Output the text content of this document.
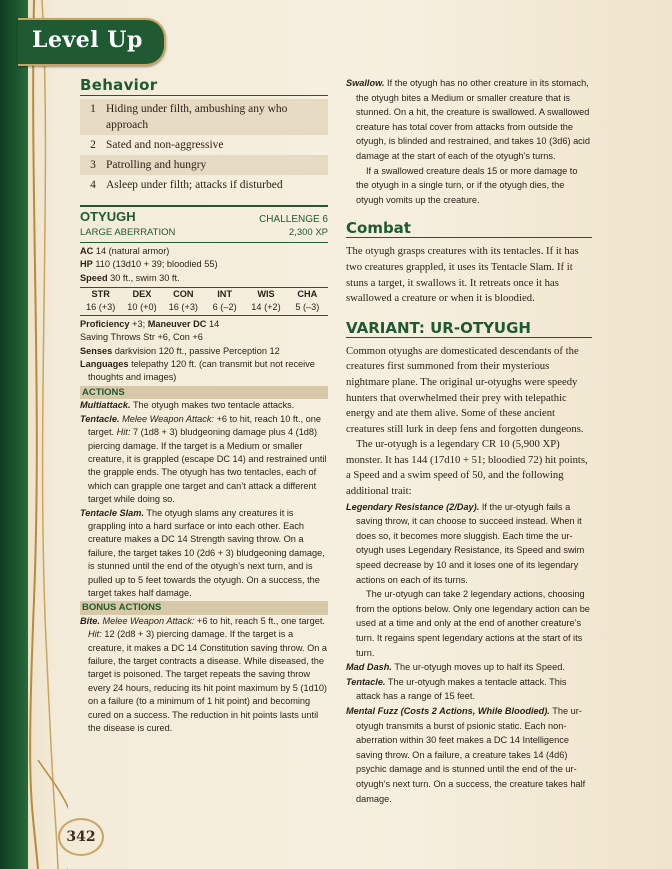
Level Up
Behavior
1	Hiding under filth, ambushing any who approach
2	Sated and non-aggressive
3	Patrolling and hungry
4	Asleep under filth; attacks if disturbed
OTYUGH	CHALLENGE 6
LARGE ABERRATION	2,300 XP
AC 14 (natural armor)
HP 110 (13d10 + 39; bloodied 55)
Speed 30 ft., swim 30 ft.
STR	DEX	CON	INT	WIS	CHA
16 (+3)	10 (+0)	16 (+3)	6 (–2)	14 (+2)	5 (–3)
Proficiency +3; Maneuver DC 14
Saving Throws Str +6, Con +6
Senses darkvision 120 ft., passive Perception 12
Languages telepathy 120 ft. (can transmit but not receive thoughts and images)
ACTIONS
Multiattack. The otyugh makes two tentacle attacks.
Tentacle. Melee Weapon Attack: +6 to hit, reach 10 ft., one target. Hit: 7 (1d8 + 3) bludgeoning damage plus 4 (1d8) piercing damage. If the target is a Medium or smaller creature, it is grappled (escape DC 14) and restrained until the grapple ends. The otyugh has two tentacles, each of which can grapple one target and can’t attack a different target while doing so.
Tentacle Slam. The otyugh slams any creatures it is grappling into a hard surface or into each other. Each creature makes a DC 14 Strength saving throw. On a failure, the target takes 10 (2d6 + 3) bludgeoning damage, is stunned until the end of the otyugh’s next turn, and is pulled up to 5 feet towards the otyugh. On a success, the target takes half damage.
BONUS ACTIONS
Bite. Melee Weapon Attack: +6 to hit, reach 5 ft., one target. Hit: 12 (2d8 + 3) piercing damage. If the target is a creature, it makes a DC 14 Constitution saving throw. On a failure, the target contracts a disease. While diseased, the target is poisoned. The target repeats the saving throw every 24 hours, reducing its hit point maximum by 5 (1d10) on a failure (to a minimum of 1 hit point) and becoming cured on a success. The reduction in hit points lasts until the disease is cured.
Swallow. If the otyugh has no other creature in its stomach, the otyugh bites a Medium or smaller creature that is stunned. On a hit, the creature is swallowed. A swallowed creature has total cover from attacks from outside the otyugh, is blinded and restrained, and takes 10 (3d6) acid damage at the start of each of the otyugh’s turns.
If a swallowed creature deals 15 or more damage to the otyugh in a single turn, or if the otyugh dies, the otyugh vomits up the creature.
Combat

The otyugh grasps creatures with its tentacles. If it has two creatures grappled, it uses its Tentacle Slam. If it stuns a target, it swallows it. It retreats once it has swallowed a creature or when it is bloodied.

VARIANT: UR-OTYUGH

Common otyughs are domesticated descendants of the creatures first summoned from their mysterious nightmare plane. The original ur-otyughs were speedy hunters that overwhelmed their prey with telepathic energy and ate them alive. Some of these ancient creatures still lurk in deep fens and forgotten dungeons.

The ur-otyugh is a legendary CR 10 (5,900 XP) monster. It has 144 (17d10 + 51; bloodied 72) hit points, a Speed and a swim speed of 50, and the following additional trait:

Legendary Resistance (2/Day). If the ur-otyugh fails a saving throw, it can choose to succeed instead. When it does so, it becomes more sluggish. Each time the ur-otyugh uses Legendary Resistance, its Speed and swim speed decrease by 10 and it loses one of its legendary actions on each of its turns.
The ur-otyugh can take 2 legendary actions, choosing from the options below. Only one legendary action can be used at a time and only at the end of another creature’s turn. It regains spent legendary actions at the start of its turn.
Mad Dash. The ur-otyugh moves up to half its Speed.
Tentacle. The ur-otyugh makes a tentacle attack. This attack has a range of 15 feet.
Mental Fuzz (Costs 2 Actions, While Bloodied). The ur-otyugh transmits a burst of psionic static. Each non-aberration within 30 feet makes a DC 14 Intelligence saving throw. On a failure, a creature takes 14 (4d6) psychic damage and is stunned until the end of the ur-otyugh’s next turn. On a success, the creature takes half damage.
342
